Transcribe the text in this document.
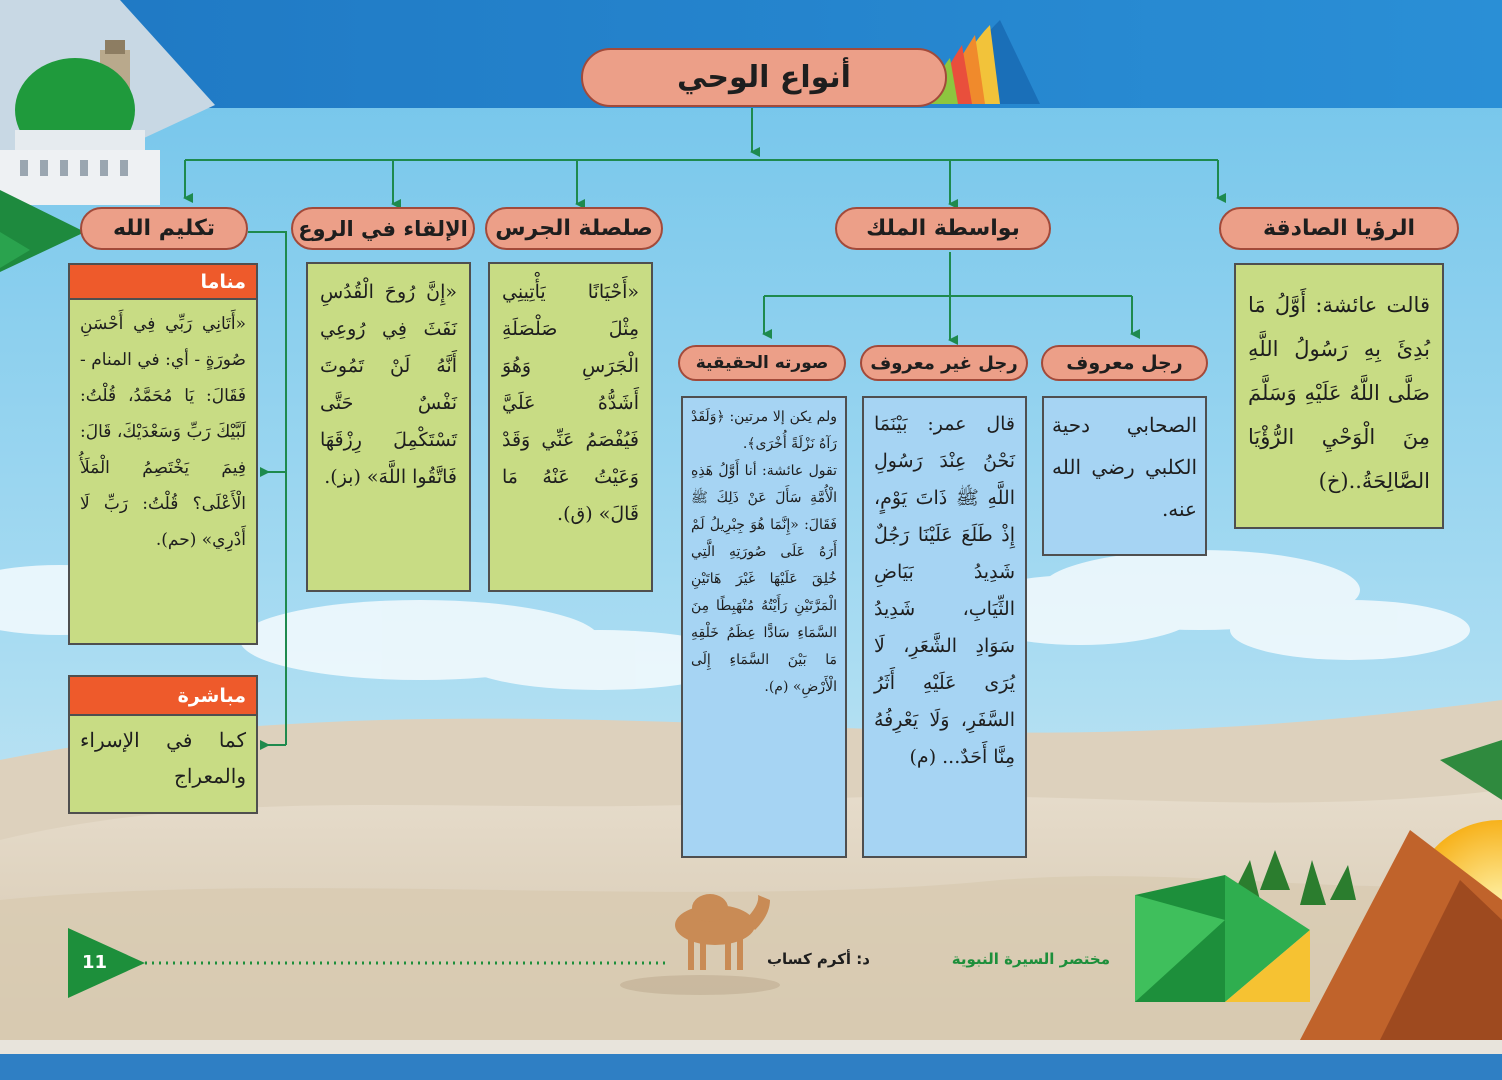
أنواع الوحي
الرؤيا الصادقة
بواسطة الملك
صلصلة الجرس
الإلقاء في الروع
تكليم الله
رجل معروف
رجل غير معروف
صورته الحقيقية

قالت عائشة: أَوَّلُ مَا بُدِئَ بِهِ رَسُولُ اللَّهِ صَلَّى اللَّهُ عَلَيْهِ وَسَلَّمَ مِنَ الْوَحْيِ الرُّؤْيَا الصَّالِحَةُ..(خ)

الصحابي دحية الكلبي رضي الله عنه.

قال عمر: بَيْنَمَا نَحْنُ عِنْدَ رَسُولِ اللَّهِ ﷺ ذَاتَ يَوْمٍ، إِذْ طَلَعَ عَلَيْنَا رَجُلٌ شَدِيدُ بَيَاضِ الثِّيَابِ، شَدِيدُ سَوَادِ الشَّعَرِ، لَا يُرَى عَلَيْهِ أَثَرُ السَّفَرِ، وَلَا يَعْرِفُهُ مِنَّا أَحَدٌ... (م)

ولم يكن إلا مرتين: ﴿وَلَقَدْ رَآهُ نَزْلَةً أُخْرَى﴾.

تقول عائشة: أنا أَوَّلُ هَذِهِ الْأُمَّةِ سَأَلَ عَنْ ذَلِكَ ﷺ فَقَالَ: «إِنَّمَا هُوَ جِبْرِيلُ لَمْ أَرَهُ عَلَى صُورَتِهِ الَّتِي خُلِقَ عَلَيْهَا غَيْرَ هَاتَيْنِ الْمَرَّتَيْنِ رَأَيْتُهُ مُنْهَبِطًا مِنَ السَّمَاءِ سَادًّا عِظَمُ خَلْقِهِ مَا بَيْنَ السَّمَاءِ إِلَى الْأَرْضِ» (م).

«أَحْيَانًا يَأْتِينِي مِثْلَ صَلْصَلَةِ الْجَرَسِ وَهُوَ أَشَدُّهُ عَلَيَّ فَيُفْصَمُ عَنِّي وَقَدْ وَعَيْتُ عَنْهُ مَا قَالَ» (ق).

«إِنَّ رُوحَ الْقُدُسِ نَفَثَ فِي رُوعِي أَنَّهُ لَنْ تَمُوتَ نَفْسٌ حَتَّى تَسْتَكْمِلَ رِزْقَهَا فَاتَّقُوا اللَّهَ» (بز).

مناما

«أَتَانِي رَبِّي فِي أَحْسَنِ صُورَةٍ - أي: في المنام - فَقَالَ: يَا مُحَمَّدُ، قُلْتُ: لَبَّيْكَ رَبِّ وَسَعْدَيْكَ، قَالَ: فِيمَ يَخْتَصِمُ الْمَلَأُ الْأَعْلَى؟ قُلْتُ: رَبِّ لَا أَدْرِي» (حم).

مباشرة

كما في الإسراء والمعراج

مختصر السيرة النبوية
د: أكرم كساب
11
